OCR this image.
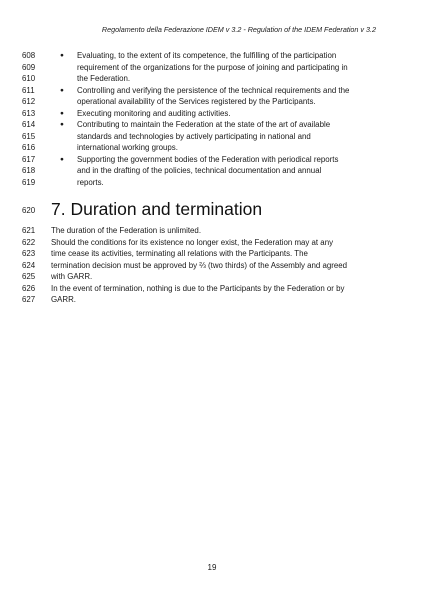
Regolamento della Federazione IDEM v 3.2 - Regulation of the IDEM Federation v 3.2
608	● Evaluating, to the extent of its competence, the fulfilling of the participation
609	requirement of the organizations for the purpose of joining and participating in
610	the Federation.
611	● Controlling and verifying the persistence of the technical requirements and the
612	operational availability of the Services registered by the Participants.
613	● Executing monitoring and auditing activities.
614	● Contributing to maintain the Federation at the state of the art of available
615	standards and technologies by actively participating in national and
616	international working groups.
617	● Supporting the government bodies of the Federation with periodical reports
618	and in the drafting of the policies, technical documentation and annual
619	reports.
620 7. Duration and termination
621	The duration of the Federation is unlimited.
622	Should the conditions for its existence no longer exist, the Federation may at any
623	time cease its activities, terminating all relations with the Participants. The
624	termination decision must be approved by ⅔ (two thirds) of the Assembly and agreed
625	with GARR.
626	In the event of termination, nothing is due to the Participants by the Federation or by
627	GARR.
19
